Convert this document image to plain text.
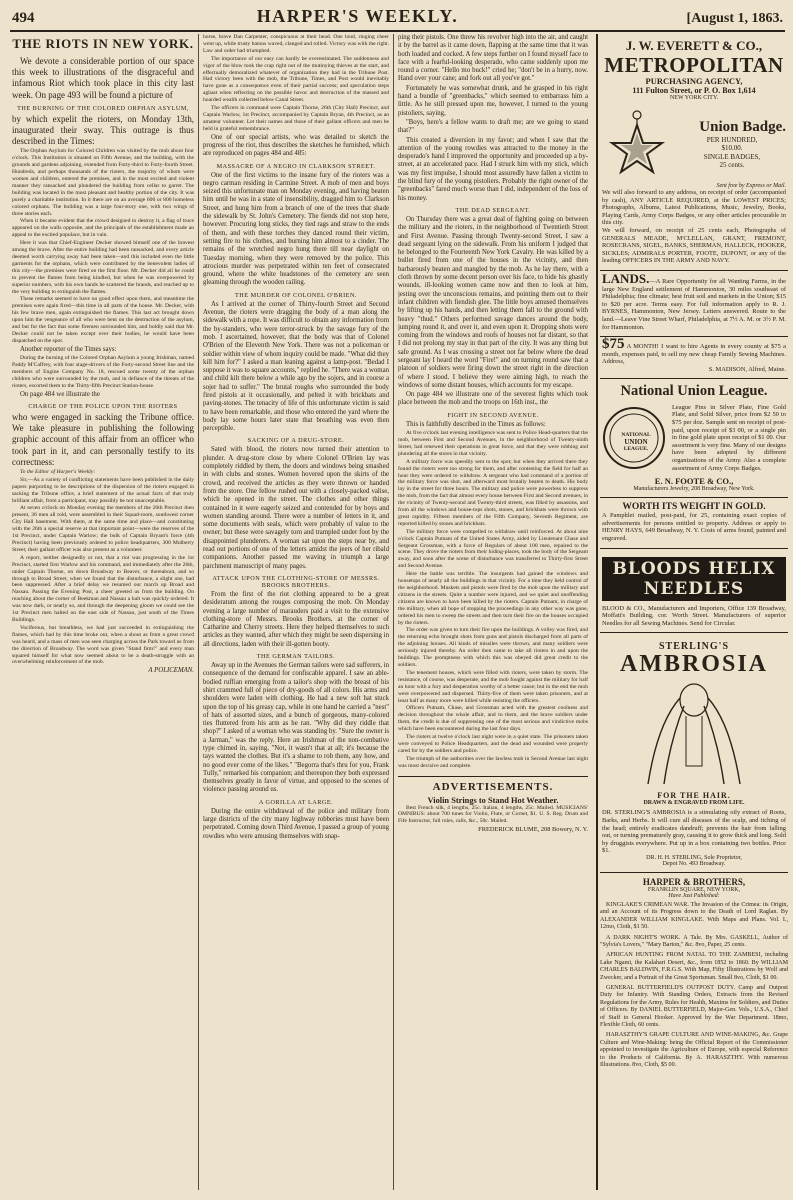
494	HARPER'S WEEKLY.	[August 1, 1863.
THE RIOTS IN NEW YORK.

We devote a considerable portion of our space this week to illustrations of the disgraceful and infamous Riot which took place in this city last week. On page 493 will be found a picture of

THE BURNING OF THE COLORED ORPHAN ASYLUM,

by which expelit the rioters, on Monday 13th, inaugurated their sway. This outrage is thus described in the Times:

The Orphan Asylum for Colored Children was visited by the mob about four o'clock. This Institution is situated on Fifth Avenue, and the building, with the grounds and gardens adjoining, extended from Forty-third to Forty-fourth Street. Hundreds, and perhaps thousands of the rioters, the majority of whom were women and children, entered the premises, and in the most excited and violent manner they ransacked and plundered the building from cellar to garret. The building was located in the most pleasant and healthy portion of the city. It was purely a charitable institution. In it there are on an average 600 or 800 homeless colored orphans. The building was a large four-story one, with two wings of three stories each.

When it became evident that the crowd designed to destroy it, a flag of truce appeared on the walls opposite, and the principals of the establishment made an appeal to the excited populace, but in vain.

Here it was that Chief-Engineer Decker showed himself one of the bravest among the brave. After the entire building had been ransacked, and every article deemed worth carrying away had been taken—and this included even the little garments for the orphans, which were contributed by the benevolent ladies of this city—the premises were fired on the first floor. Mr. Decker did all he could to prevent the flames from being kindled, but when he was overpowered by superior numbers, with his own hands he scattered the brands, and reached up to the very building to extinguish the flames.

These remarks seemed to have no good effect upon them, and meantime the premises were again fired—this time in all parts of the house. Mr. Decker, with his few brave men, again extinguished the flames. This last act brought down upon him the vengeance of all who were bent on the destruction of the asylum, and but for the fact that some firemen surrounded him, and boldly said that Mr. Decker could not be taken except over their bodies, he would have been dispatched on the spot.

Another reporter of the Times says:

During the burning of the Colored Orphan Asylum a young Irishman, named Paddy M'Caffrey, with four stage-drivers of the Forty-second Street line and the members of Engine Company No. 18, rescued some twenty of the orphan children who were surrounded by the mob, and in defiance of the threats of the rioters, escorted them to the Thirty-fifth Precinct Station-house.

On page 484 we illustrate the

CHARGE OF THE POLICE UPON THE RIOTERS

who were engaged in sacking the Tribune office. We take pleasure in publishing the following graphic account of this affair from an officer who took part in it, and can personally testify to its correctness:

To the Editor of Harper's Weekly:

Sir,—As a variety of conflicting statements have been published in the daily papers purporting to be descriptions of the dispersion of the rioters engaged in sacking the Tribune office, a brief statement of the actual facts of that truly brilliant affair, from a participant, may possibly be not unacceptable.

At seven o'clock on Monday evening the members of the 26th Precinct then present, 36 men all told, were assembled in their Squad-room, southwest corner City Hall basement. With them, at the same time and place—and constituting with the 26th a special reserve at that important point—were the reserves of the 1st Precinct, under Captain Warlow; the bulk of Captain Bryant's force (4th Precinct) having been previously ordered to police headquarters, 300 Mulberry Street; their gallant officer was also present as a volunteer.

A report, neither designedly or not, that a riot was progressing in the 1st Precinct, started first Warlow and his command, and immediately after the 26th, under Captain Thorne, on down Broadway to Beaver, or thereabout, and so through to Broad Street, when we found that the disturbance, a slight one, had been suppressed. After a brief delay we resumed our march up Broad and Nassau. Passing the Evening Post, a cheer greeted us from the building. On reaching about the corner of Beekman and Nassau a halt was quickly ordered. It was now dark, or nearly so, and through the deepening gloom we could see the 1st Precinct men halted on the east side of Nassau, just south of the Times Buildings.

Vociferous, but breathless, we had just succeeded in extinguishing the flames, which had by this time broke out, when a shout as from a great crowd was heard, and a mass of men was seen charging across the Park toward us from the direction of Broadway. The word was given "Stand firm!" and every man squared himself for what now seemed about to be a death-struggle with an overwhelming reinforcement of the mob.

A POLICEMAN.

horse, brave Dan Carpenter, conspicuous at their head. One loud, ringing cheer went up, while trusty batons waved, clanged and rolled. Victory was with the right. Law and order had triumphed.

The importance of our easy can hardly be overestimated. The suddenness and vigor of the blow took the crap right out of the mutinying thieves at the start, and effectually demoralized whatever of organization they had in the Tribune Post. Had victory been with the mob, the Tribune, Times, and Post would inevitably have gone as a consequence even of their partial success; and speculation steps aghast when reflecting on the possible havoc and destruction of the massed and hoarded wealth collected below Canal Street.

The officers in command were Captain Thorne, 26th (City Hall) Precinct, and Captain Warlow, 1st Precinct, accompanied by Captain Bryan, 4th Precinct, as an amateur volunteer. Let their names and those of their gallant officers and men be held in grateful remembrance.

One of our special artists, who was detailed to sketch the progress of the riot, thus describes the sketches he furnished, which are reproduced on pages 484 and 485:

MASSACRE OF A NEGRO IN CLARKSON STREET.

One of the first victims to the insane fury of the rioters was a negro carman residing in Carmine Street. A mob of men and boys seized this unfortunate man on Monday evening, and having beaten him until he was in a state of insensibility, dragged him to Clarkson Street, and hung him from a branch of one of the trees that shade the sidewalk by St. John's Cemetery. The fiends did not stop here, however. Procuring long sticks, they tied rags and straw to the ends of them, and with these torches they danced round their victim, setting fire to his clothes, and burning him almost to a cinder. The remains of the wretched negro hung there till near daylight on Tuesday morning, when they were removed by the police. This atrocious murder was perpetrated within ten feet of consecrated ground, where the white headstones of the cemetery are seen gleaming through the wooden railing.

THE MURDER OF COLONEL O'BRIEN.

As I arrived at the corner of Thirty-fourth Street and Second Avenue, the rioters were dragging the body of a man along the sidewalk with a rope. It was difficult to obtain any information from the by-standers, who were terror-struck by the savage fury of the mob. I ascertained, however, that the body was that of Colonel O'Brien of the Eleventh New York. There was not a policeman or soldier within view of whom inquiry could be made. "What did they kill him for?" I asked a man leaning against a lamp-post. "Bedad I suppose it was to square accounts," replied he. "There was a woman and child kilt there below a while ago by the sojers, and in coorse a sojer had to suffer." The brutal roughs who surrounded the body fired pistols at it occasionally, and pelted it with brickbats and paving-stones. The tenacity of life of this unfortunate victim is said to have been remarkable, and those who entered the yard where the body lay some hours later state that breathing was even then perceptible.

SACKING OF A DRUG-STORE.

Sated with blood, the rioters now turned their attention to plunder. A drug-store close by where Colonel O'Brien lay was completely riddled by them, the doors and windows being smashed in with clubs and stones. Women hovered upon the skirts of the crowd, and received the articles as they were thrown or handed from the store. One fellow rushed out with a closely-packed valise, which he opened in the street. The clothes and other things contained in it were eagerly seized and contended for by boys and women standing around. There were a number of letters in it, and some documents with seals, which were probably of value to the owner; but these were savagely torn and trampled under foot by the disappointed plunderers. A woman sat upon the steps near by, and read out portions of one of the letters amidst the jeers of her ribald companions. Another passed me waving in triumph a large parchment manuscript of many pages.

ATTACK UPON THE CLOTHING-STORE OF MESSRS. BROOKS BROTHERS.

From the first of the riot clothing appeared to be a great desideratum among the rouges composing the mob. On Monday evening a large number of marauders paid a visit to the extensive clothing-store of Messrs. Brooks Brothers, at the corner of Catharine and Cherry streets. Here they helped themselves to such articles as they wanted, after which they might be seen dispersing in all directions, laden with their ill-gotten booty.

THE GERMAN TAILORS.

Away up in the Avenues the German tailors were sad sufferers, in consequence of the demand for confiscable apparel. I saw an able-bodied ruffian emerging from a tailor's shop with the breast of his shirt crammed full of piece of dry-goods of all colors. His arms and shoulders were laden with clothing. He had a new soft hat stuck upon the top of his greasy cap, while in one hand he carried a "nest" of hats of assorted sizes, and a bunch of gorgeous, many-colored ties fluttered from his arm as he ran. "Why did they riddle that shop?" I asked of a woman who was standing by. "Sure the owner is a Jarman," was the reply. Here an Irishman of the non-combative type chimed in, saying, "Not, it wasn't that at all; it's because the tays wanted the clothes. But it's a shame to rob them, any how, and no good ever come of the likes." "Begorra that's thru for you, Frank Tully," remarked his companion; and thereupon they both expressed themselves greatly in favor of virtue, and opposed to the scenes of violence passing around us.

A GORILLA AT LARGE.

During the entire withdrawal of the police and military from large districts of the city many highway robberies must have been perpetrated. Coming down Third Avenue, I passed a group of young rowdies who were amusing themselves with snap-

ping their pistols. One threw his revolver high into the air, and caught it by the barrel as it came down, flapping at the same time that it was both loaded and cocked. A few steps further on I found myself face to face with a fearful-looking desperado, who came suddenly upon me round a corner. "Hello mo buck!" cried he; "don't be in a hurry, now. Hand over your cane; and fork out all you've got."

Fortunately he was somewhat drunk, and he grasped in his right hand a bundle of "greenbacks," which seemed to embarrass him a little. As he still pressed upon me, however, I turned to the young pistoliers, saying,

"Boys, here's a fellow wants to draft me; are we going to stand that?"

This created a diversion in my favor; and when I saw that the attention of the young rowdies was attracted to the money in the desperado's hand I improved the opportunity and proceeded up a by-street, at an accelerated pace. Had I struck him with my stick, which was my first impulse, I should most assuredly have fallen a victim to the blind fury of the young pistoliers. Probably the right owner of the "greenbacks" fared much worse than I did, independent of the loss of his money.

THE DEAD SERGEANT.

On Thursday there was a great deal of fighting going on between the military and the rioters, in the neighborhood of Twentieth Street and First Avenue. Passing through Twenty-second Street, I saw a dead sergeant lying on the sidewalk. From his uniform I judged that he belonged to the Fourteenth New York Cavalry. He was killed by a bullet fired from one of the houses in the vicinity, and then barbarously beaten and mangled by the mob. As he lay there, with a cloth thrown by some decent person over his face, to hide his ghastly wounds, ill-looking women came now and then to look at him, jesting over the unconscious remains, and pointing them out to their infant children with fiendish glee. The little boys amused themselves by lifting up his hands, and then letting them fall to the ground with heavy "thud." Others performed savage dances around the body, jumping round it, and over it, and even upon it. Dropping shots were coming from the windows and roofs of houses not far distant, so that I did not prolong my stay in that part of the city. It was any thing but safe ground. As I was crossing a street not far below where the dead sergeant lay I heard the word "Fire!" and on turning round saw that a platoon of soldiers were firing down the street right in the direction of where I stood. I believe they were aiming high, to reach the windows of some distant houses, which accounts for my escape.

On page 484 we illustrate one of the severest fights which took place between the mob and the troops on 16th inst., the

FIGHT IN SECOND AVENUE.

This is faithfully described in the Times as follows:

At five o'clock last evening intelligence was sent to Police Head-quarters that the mob, between First and Second Avenues, in the neighborhood of Twenty-ninth Street, had renewed their operations in great force, and that they were robbing and plundering all the stores in that vicinity.

A military force was speedily sent to the spot; but when they arrived there they found the rioters were too strong for them, and after contesting the field for half an hour they were ordered to withdraw. A sergeant who had command of a portion of the military force was shot, and afterward most brutally beaten to death. His body lay in the street for three hours. The military and police were powerless to suppress the mob, from the fact that almost every house between First and Second avenues, in the vicinity of Twenty-second and Twenty-third streets, was filled by assassins, and from all the windows and house-tops shots, stones, and brickbats were thrown with great rapidity. Fifteen members of the Fifth Company, Seventh Regiment, are reported killed by stones and brickbats.

The military force were compelled to withdraw until reinforced. At about nine o'clock Captain Putnam of the United States Army, aided by Lieutenant Chase and Sergeant Grossman, with a force of Regulars of about 100 men, repaired to the scene. They drove the rioters from their hiding-places, took the body of the Sergeant away, and soon after the scene of disturbance was transferred to Thirty-first Street and Second Avenue.

Here the battle was terrible. The insurgents had gained the windows and housetops of nearly all the buildings in that vicinity. For a time they held control of the neighborhood. Muskets and pistols were fired by the mob upon the military and citizens in the streets. Quite a number were injured, and we quiet and unoffending citizens are known to have been killed by the rioters. Captain Putnam, in charge of the military, when all hope of stopping the proceedings in any other way was gone, ordered his men to sweep the streets and then turn their fire on the houses occupied by the rioters.

The order was given to turn their fire upon the buildings. A volley was fired, and the returning echo brought shots from guns and pistols discharged from all parts of the adjoining houses. All kinds of missiles were thrown, and many soldiers were seriously injured thereby. An order then came to take all rioters in and upon the buildings. The promptness with which this was obeyed did great credit to the soldiers.

The tenement houses, which were filled with rioters, were taken by storm. The resistance, of course, was desperate, and the mob fought against the military for half an hour with a fury and desperation worthy of a better cause; but in the end the mob were overpowered and dispersed. Thirty-five of them were taken prisoners, and at least half as many more were killed while resisting the officers.

Officers Putnam, Chase, and Grossman acted with the greatest coolness and decision throughout the whole affair, and to them, and the brave soldiers under them, the credit is due of suppressing one of the most serious and vindictive mobs which have been encountered during the last four days.

The rioters at twelve o'clock last night were in a quiet state. The prisoners taken were conveyed to Police Headquarters, and the dead and wounded were properly cared for by the soldiers and police.

The triumph of the authorities over the lawless mob in Second Avenue last night was most decisive and complete.

ADVERTISEMENTS.
Violin Strings to Stand Hot Weather.

Best French silk, 4 lengths, 25c. Italian, 4 lengths, 25c. Mailed. MUSICIANS' OMNIBUS: about 700 tunes for Violin, Flute, or Cornet, $1. U. S. Reg. Drum and Fife Instructor, full rules, calls, &c., 50c. Mailed.

FREDERICK BLUME, 208 Bowery, N. Y.
J. W. EVERETT & CO.,
METROPOLITAN
PURCHASING AGENCY,
111 Fulton Street, or P. O. Box 1,614
NEW YORK CITY.
Union Badge.
PER HUNDRED,
$10.00.
SINGLE BADGES,
25 cents.
Sent free by Express or Mail.

We will also forward to any address, on receipt of order (accompanied by cash), ANY ARTICLE REQUIRED, at the LOWEST PRICES; Photographs, Albums, Latest Publications, Music, Jewelry, Books, Playing Cards, Army Corps Badges, or any other articles procurable in this city.

We will forward, on receipt of 25 cents each, Photographs of GENERALS MEADE, M'CLELLAN, GRANT, FREMONT, ROSECRANS, SIGEL, BANKS, SHERMAN, HALLECK, HOOKER, SICKLES; ADMIRALS PORTER, FOOTE, DUPONT, or any of the leading OFFICERS IN THE ARMY AND NAVY.

LANDS.—A Rare Opportunity for all Wanting Farms, in the large New England settlement of Hammonton, 30 miles southeast of Philadelphia; fine climate; best fruit soil and markets in the Union; $15 to $20 per acre. Terms easy. For full information apply to R. J. BYRNES, Hammonton, New Jersey. Letters answered. Route to the land.—Leave Vine Street Wharf, Philadelphia, at 7½ A. M. or 3½ P. M. for Hammonton.

$75 A MONTH! I want to hire Agents in every county at $75 a month, expenses paid, to sell my new cheap Family Sewing Machines. Address,

S. MADISON, Alfred, Maine.
National Union League.

League Pins in Silver Plate, Fine Gold Plate, and Solid Silver, price from $2 50 to $75 per doz. Sample sent on receipt of post-paid, upon receipt of $3 00, or a single pin in fine gold plate upon receipt of $1 00. Our assortment is very fine. Many of our designs have been adopted by different organizations of the Army. Also a complete assortment of Army Corps Badges.

NATIONAL
UNION
LEAGUE.
E. N. FOOTE & CO.,
Manufacturers Jewelry, 208 Broadway, New York.
WORTH ITS WEIGHT IN GOLD.

A Pamphlet mailed, post-paid, for 25, containing exact copies of advertisements for persons entitled to property. Address or apply to HENRY HAYS, 649 Broadway, N. Y. Costs of arms found, painted and engraved.

BLOODS HELIX NEEDLES

BLOOD & CO., Manufacturers and Importers, Office 139 Broadway, Moffatt's Building, cor. Worth Street. Manufacturers of superior Needles for all Sewing Machines. Send for Circular.

STERLING'S
AMBROSIA
FOR THE HAIR.
DRAWN & ENGRAVED FROM LIFE.

DR. STERLING'S AMBROSIA is a stimulating oily extract of Roots, Barks, and Herbs. It will cure all diseases of the scalp, and itching of the head; entirely eradicates dandruff; prevents the hair from falling out, or turning prematurely gray, causing it to grow thick and long. Sold by druggists everywhere. Put up in a box containing two bottles. Price $1.

DR. H. H. STERLING, Sole Proprietor,
Depot No. 493 Broadway.
HARPER & BROTHERS,
FRANKLIN SQUARE, NEW YORK,
Have Just Published:

KINGLAKE'S CRIMEAN WAR. The Invasion of the Crimea: its Origin, and an Account of its Progress down to the Death of Lord Raglan. By ALEXANDER WILLIAM KINGLAKE. With Maps and Plans. Vol. I., 12mo, Cloth, $1 50.

A DARK NIGHT'S WORK. A Tale. By Mrs. GASKELL, Author of "Sylvia's Lovers," "Mary Barton," &c. 8vo, Paper, 25 cents.

AFRICAN HUNTING FROM NATAL TO THE ZAMBESI, including Lake Ngami, the Kalahari Desert, &c., from 1852 to 1860. By WILLIAM CHARLES BALDWIN, F.R.G.S. With Map, Fifty Illustrations by Wolf and Zwecker, and a Portrait of the Great Sportsman. Small 8vo, Cloth, $1 00.

GENERAL BUTTERFIELD'S OUTPOST DUTY. Camp and Outpost Duty for Infantry. With Standing Orders, Extracts from the Revised Regulations for the Army, Rules for Health, Maxims for Soldiers, and Duties of Officers. By DANIEL BUTTERFIELD, Major-Gen. Vols., U.S.A., Chief of Staff to General Hooker. Approved by the War Department. 18mo, Flexible Cloth, 60 cents.

HARASZTHY'S GRAPE CULTURE AND WINE-MAKING, &c. Grape Culture and Wine-Making: being the Official Report of the Commissioner appointed to investigate the Agriculture of Europe, with especial Reference to the Products of California. By A. HARASZTHY. With numerous Illustrations. 8vo, Cloth, $5 00.
